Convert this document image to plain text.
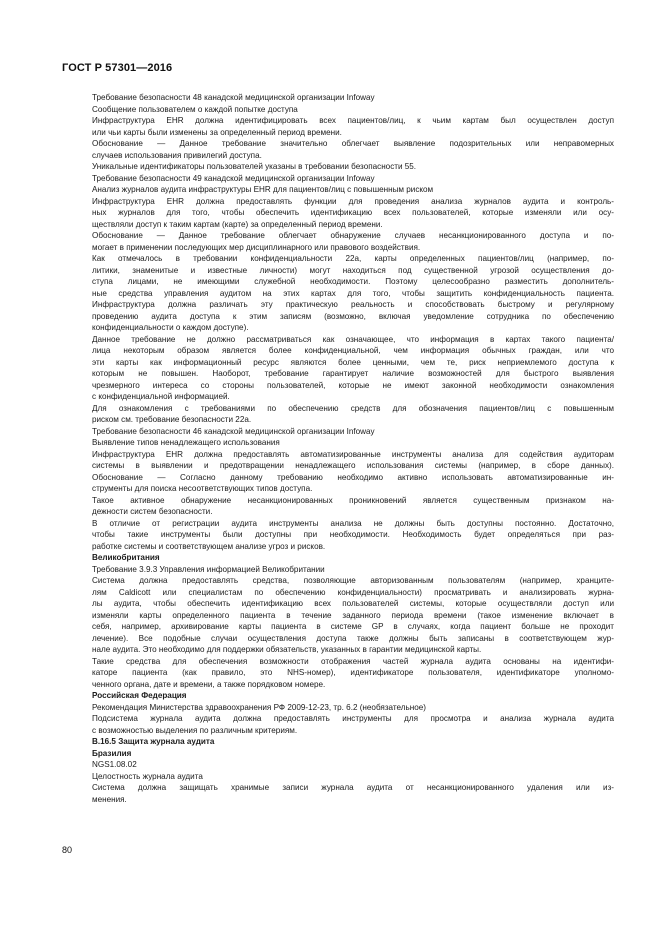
ГОСТ Р 57301—2016
Требование безопасности 48 канадской медицинской организации Infoway
Сообщение пользователем о каждой попытке доступа
Инфраструктура EHR должна идентифицировать всех пациентов/лиц, к чьим картам был осуществлен доступ
или чьи карты были изменены за определенный период времени.
Обоснование — Данное требование значительно облегчает выявление подозрительных или неправомерных
случаев использования привилегий доступа.
Уникальные идентификаторы пользователей указаны в требовании безопасности 55.
Требование безопасности 49 канадской медицинской организации Infoway
Анализ журналов аудита инфраструктуры EHR для пациентов/лиц с повышенным риском
Инфраструктура EHR должна предоставлять функции для проведения анализа журналов аудита и контроль-
ных журналов для того, чтобы обеспечить идентификацию всех пользователей, которые изменяли или осу-
ществляли доступ к таким картам (карте) за определенный период времени.
Обоснование — Данное требование облегчает обнаружение случаев несанкционированного доступа и по-
могает в применении последующих мер дисциплинарного или правового воздействия.
Как отмечалось в требовании конфиденциальности 22а, карты определенных пациентов/лиц (например, по-
литики, знаменитые и известные личности) могут находиться под существенной угрозой осуществления до-
ступа лицами, не имеющими служебной необходимости. Поэтому целесообразно разместить дополнитель-
ные средства управления аудитом на этих картах для того, чтобы защитить конфиденциальность пациента.
Инфраструктура должна различать эту практическую реальность и способствовать быстрому и регулярному
проведению аудита доступа к этим записям (возможно, включая уведомление сотрудника по обеспечению
конфиденциальности о каждом доступе).
Данное требование не должно рассматриваться как означающее, что информация в картах такого пациента/
лица некоторым образом является более конфиденциальной, чем информация обычных граждан, или что
эти карты как информационный ресурс являются более ценными, чем те, риск неприемлемого доступа к
которым не повышен. Наоборот, требование гарантирует наличие возможностей для быстрого выявления
чрезмерного интереса со стороны пользователей, которые не имеют законной необходимости ознакомления
с конфиденциальной информацией.
Для ознакомления с требованиями по обеспечению средств для обозначения пациентов/лиц с повышенным
риском см. требование безопасности 22а.
Требование безопасности 46 канадской медицинской организации Infoway
Выявление типов ненадлежащего использования
Инфраструктура EHR должна предоставлять автоматизированные инструменты анализа для содействия аудиторам
системы в выявлении и предотвращении ненадлежащего использования системы (например, в сборе данных).
Обоснование — Согласно данному требованию необходимо активно использовать автоматизированные ин-
струменты для поиска несоответствующих типов доступа.
Такое активное обнаружение несанкционированных проникновений является существенным признаком на-
дежности систем безопасности.
В отличие от регистрации аудита инструменты анализа не должны быть доступны постоянно. Достаточно,
чтобы такие инструменты были доступны при необходимости. Необходимость будет определяться при раз-
работке системы и соответствующем анализе угроз и рисков.
Великобритания
Требование 3.9.3 Управления информацией Великобритании
Система должна предоставлять средства, позволяющие авторизованным пользователям (например, хранците-
лям Caldicott или специалистам по обеспечению конфиденциальности) просматривать и анализировать журна-
лы аудита, чтобы обеспечить идентификацию всех пользователей системы, которые осуществляли доступ или
изменяли карты определенного пациента в течение заданного периода времени (такое изменение включает в
себя, например, архивирование карты пациента в системе GP в случаях, когда пациент больше не проходит
лечение). Все подобные случаи осуществления доступа также должны быть записаны в соответствующем жур-
нале аудита. Это необходимо для поддержки обязательств, указанных в гарантии медицинской карты.
Такие средства для обеспечения возможности отображения частей журнала аудита основаны на идентифи-
каторе пациента (как правило, это NHS-номер), идентификаторе пользователя, идентификаторе уполномо-
ченного органа, дате и времени, а также порядковом номере.
Российская Федерация
Рекомендация Министерства здравоохранения РФ 2009-12-23, тр. 6.2 (необязательное)
Подсистема журнала аудита должна предоставлять инструменты для просмотра и анализа журнала аудита
с возможностью выделения по различным критериям.
B.16.5 Защита журнала аудита
Бразилия
NGS1.08.02
Целостность журнала аудита
Система должна защищать хранимые записи журнала аудита от несанкционированного удаления или из-
менения.
80
